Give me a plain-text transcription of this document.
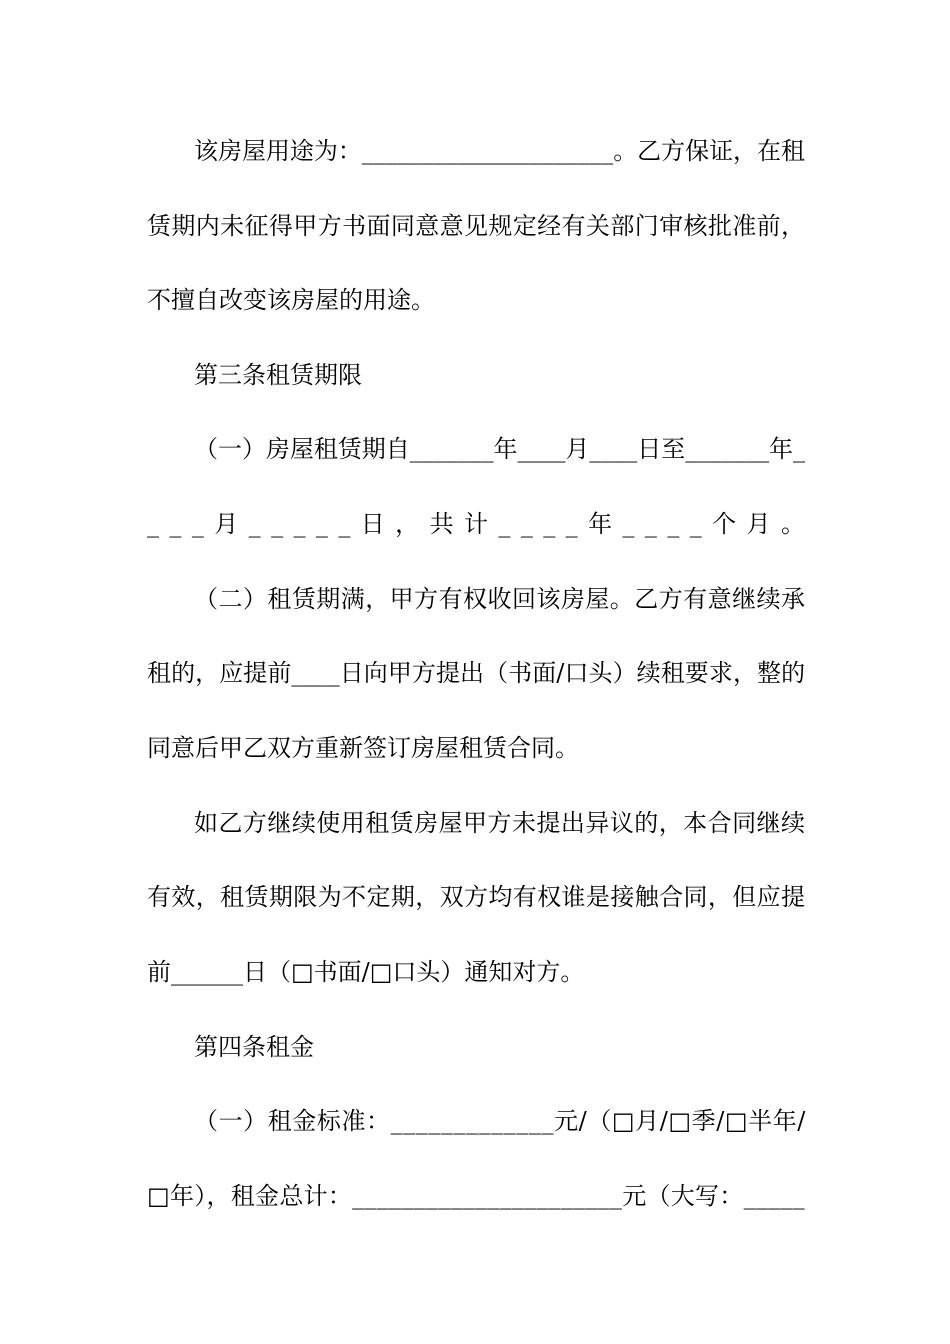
该房屋用途为：_____________________。乙方保证，在租
赁期内未征得甲方书面同意意见规定经有关部门审核批准前，
不擅自改变该房屋的用途。
第三条租赁期限
（一）房屋租赁期自_______年____月____日至_______年_
___月_____日，共计____年____个月。
（二）租赁期满，甲方有权收回该房屋。乙方有意继续承
租的，应提前____日向甲方提出（书面/口头）续租要求，整的
同意后甲乙双方重新签订房屋租赁合同。
如乙方继续使用租赁房屋甲方未提出异议的，本合同继续
有效，租赁期限为不定期，双方均有权谁是接触合同，但应提
前______日（□书面/□口头）通知对方。
第四条租金
（一）租金标准：_____________元/（□月/□季/□半年/
□年），租金总计：______________________元（大写：_____
